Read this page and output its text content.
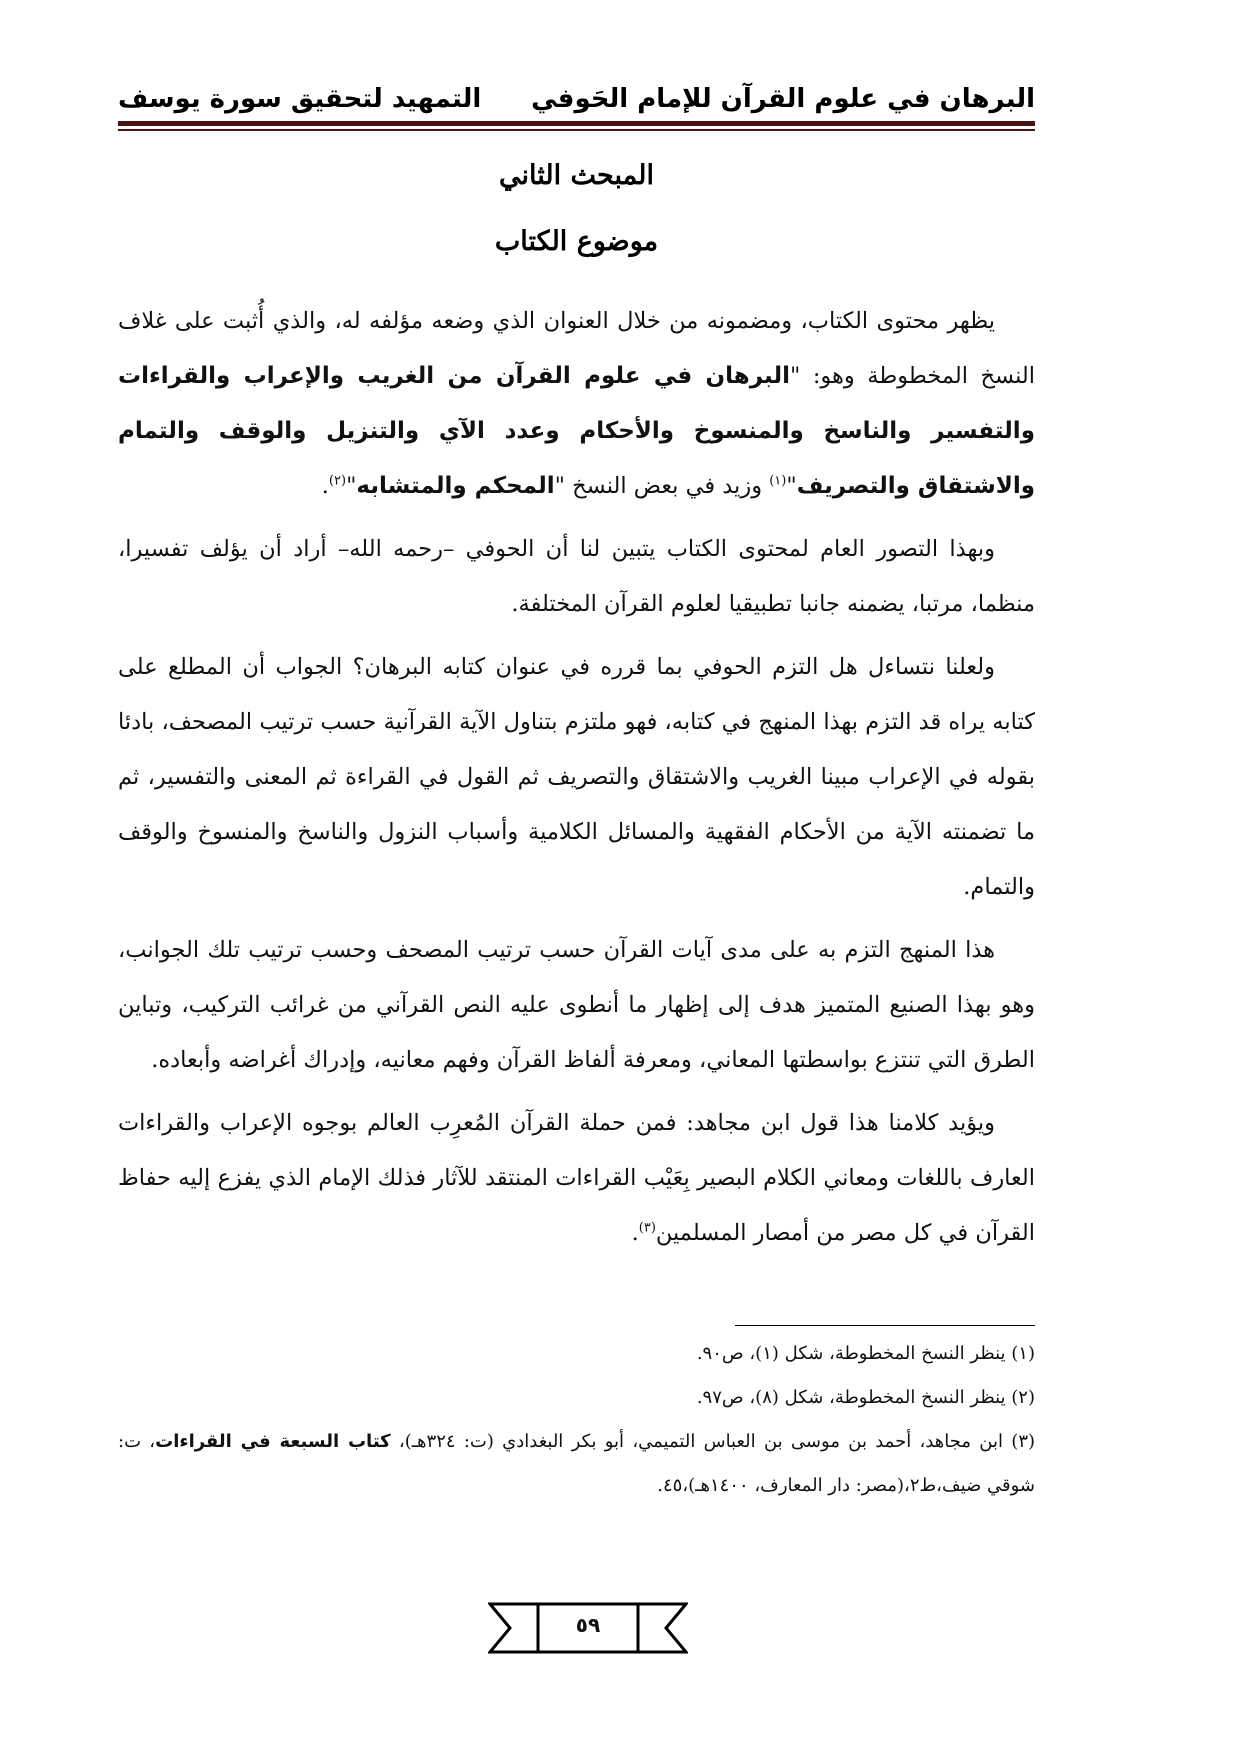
البرهان في علوم القرآن للإمام الحَوفي
التمهيد لتحقيق سورة يوسف
المبحث الثاني
موضوع الكتاب

يظهر محتوى الكتاب، ومضمونه من خلال العنوان الذي وضعه مؤلفه له، والذي أُثبت على غلاف النسخ المخطوطة وهو: "البرهان في علوم القرآن من الغريب والإعراب والقراءات والتفسير والناسخ والمنسوخ والأحكام وعدد الآي والتنزيل والوقف والتمام والاشتقاق والتصريف"$^{(١)}$ وزيد في بعض النسخ "المحكم والمتشابه"$^{(٢)}$.

وبهذا التصور العام لمحتوى الكتاب يتبين لنا أن الحوفي –رحمه الله– أراد أن يؤلف تفسيرا، منظما، مرتبا، يضمنه جانبا تطبيقيا لعلوم القرآن المختلفة.

ولعلنا نتساءل هل التزم الحوفي بما قرره في عنوان كتابه البرهان؟ الجواب أن المطلع على كتابه يراه قد التزم بهذا المنهج في كتابه، فهو ملتزم بتناول الآية القرآنية حسب ترتيب المصحف، بادئا بقوله في الإعراب مبينا الغريب والاشتقاق والتصريف ثم القول في القراءة ثم المعنى والتفسير، ثم ما تضمنته الآية من الأحكام الفقهية والمسائل الكلامية وأسباب النزول والناسخ والمنسوخ والوقف والتمام.

هذا المنهج التزم به على مدى آيات القرآن حسب ترتيب المصحف وحسب ترتيب تلك الجوانب، وهو بهذا الصنيع المتميز هدف إلى إظهار ما أنطوى عليه النص القرآني من غرائب التركيب، وتباين الطرق التي تنتزع بواسطتها المعاني، ومعرفة ألفاظ القرآن وفهم معانيه، وإدراك أغراضه وأبعاده.

ويؤيد كلامنا هذا قول ابن مجاهد: فمن حملة القرآن المُعرِب العالم بوجوه الإعراب والقراءات العارف باللغات ومعاني الكلام البصير بِعَيْب القراءات المنتقد للآثار فذلك الإمام الذي يفزع إليه حفاظ القرآن في كل مصر من أمصار المسلمين$^{(٣)}$.

(١) ينظر النسخ المخطوطة، شكل (١)، ص٩٠.

(٢) ينظر النسخ المخطوطة، شكل (٨)، ص٩٧.

(٣) ابن مجاهد، أحمد بن موسى بن العباس التميمي، أبو بكر البغدادي (ت: ٣٢٤هـ)، كتاب السبعة في القراءات، ت: شوقي ضيف،ط٢،(مصر: دار المعارف، ١٤٠٠هـ)،٤٥.

٥٩
